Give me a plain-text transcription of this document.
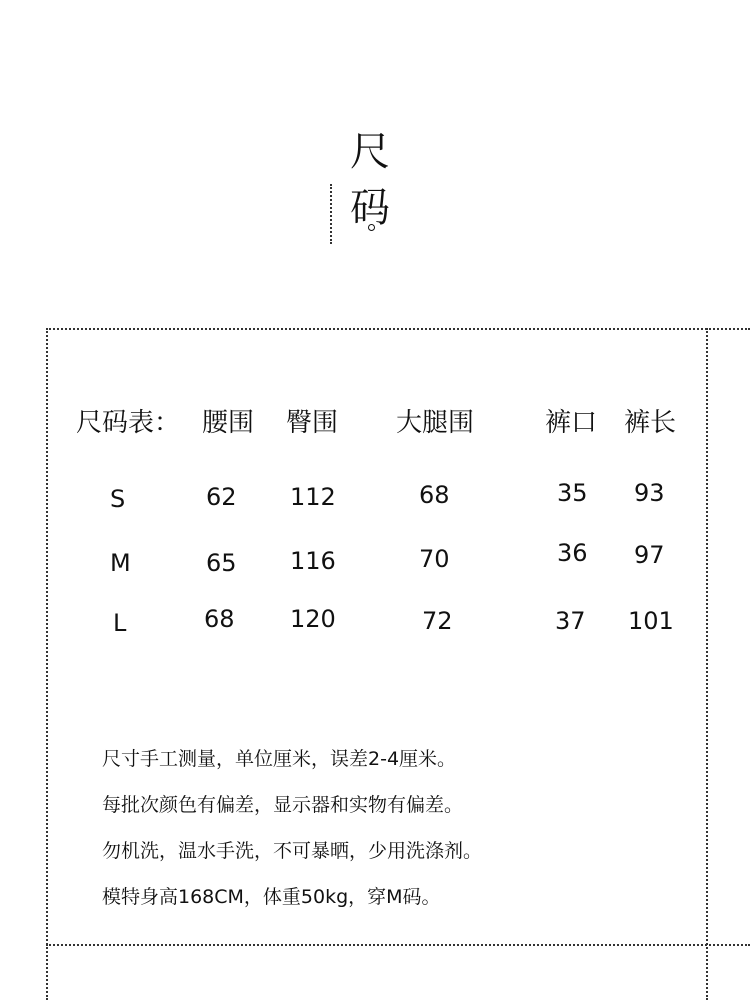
尺
码
尺码表： 腰围 臀围 大腿围	裤口 裤长
S	62 112	68	35 93
M	65 116	70	36 97
L	68 120	72	37 101
尺寸手工测量，单位厘米，误差2-4厘米。
每批次颜色有偏差，显示器和实物有偏差。
勿机洗，温水手洗，不可暴晒，少用洗涤剂。
模特身高168CM，体重50kg，穿M码。
